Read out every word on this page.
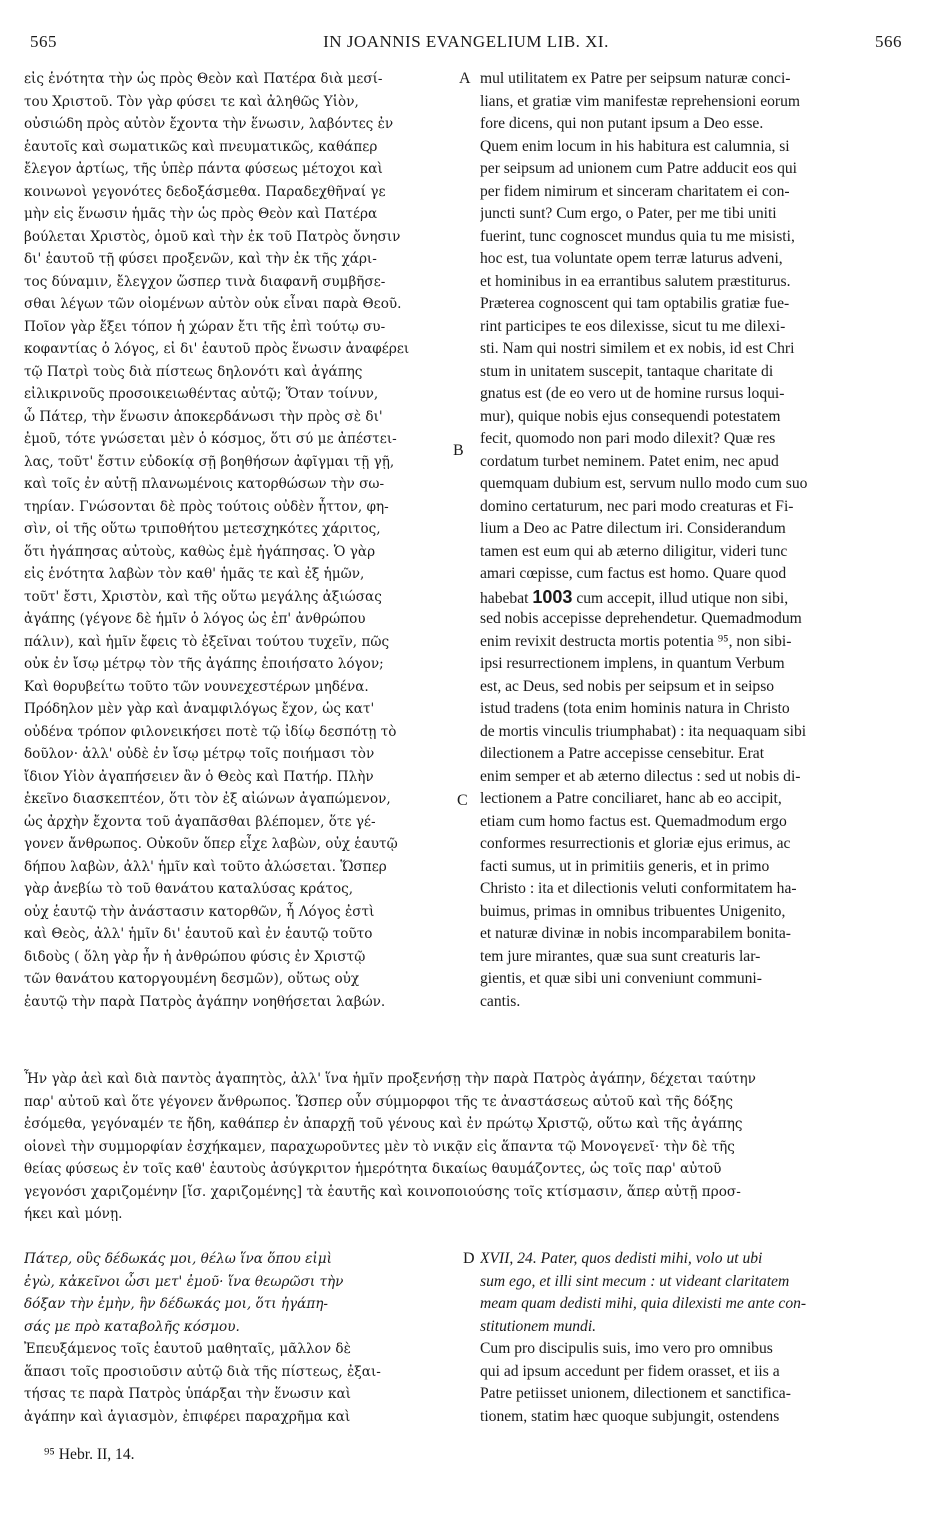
565	IN JOANNIS EVANGELIUM LIB. XI.	566
A
B
C
D
εἰς ἑνότητα τὴν ὡς πρὸς Θεὸν καὶ Πατέρα διὰ μεσί-
του Χριστοῦ. Τὸν γὰρ φύσει τε καὶ ἀληθῶς Υἱὸν,
οὐσιώδη πρὸς αὐτὸν ἔχοντα τὴν ἕνωσιν, λαβόντες ἐν
ἑαυτοῖς καὶ σωματικῶς καὶ πνευματικῶς, καθάπερ
ἔλεγον ἀρτίως, τῆς ὑπὲρ πάντα φύσεως μέτοχοι καὶ
κοινωνοὶ γεγονότες δεδοξάσμεθα. Παραδεχθῆναί γε
μὴν εἰς ἕνωσιν ἡμᾶς τὴν ὡς πρὸς Θεὸν καὶ Πατέρα
βούλεται Χριστὸς, ὁμοῦ καὶ τὴν ἐκ τοῦ Πατρὸς ὄνησιν
δι' ἑαυτοῦ τῇ φύσει προξενῶν, καὶ τὴν ἐκ τῆς χάρι-
τος δύναμιν, ἔλεγχον ὥσπερ τινὰ διαφανῆ συμβῆσε-
σθαι λέγων τῶν οἰομένων αὐτὸν οὐκ εἶναι παρὰ Θεοῦ.
Ποῖον γὰρ ἔξει τόπον ἡ χώραν ἔτι τῆς ἐπὶ τούτῳ συ-
κοφαντίας ὁ λόγος, εἰ δι' ἑαυτοῦ πρὸς ἕνωσιν ἀναφέρει
τῷ Πατρὶ τοὺς διὰ πίστεως δηλονότι καὶ ἀγάπης
εἰλικρινοῦς προσοικειωθέντας αὐτῷ; Ὅταν τοίνυν,
ὦ Πάτερ, τὴν ἕνωσιν ἀποκερδάνωσι τὴν πρὸς σὲ δι'
ἐμοῦ, τότε γνώσεται μὲν ὁ κόσμος, ὅτι σύ με ἀπέστει-
λας, τοῦτ' ἔστιν εὐδοκίᾳ σῇ βοηθήσων ἀφῖγμαι τῇ γῇ,
καὶ τοῖς ἐν αὐτῇ πλανωμένοις κατορθώσων τὴν σω-
τηρίαν. Γνώσονται δὲ πρὸς τούτοις οὐδὲν ἧττον, φη-
σὶν, οἱ τῆς οὕτω τριποθήτου μετεσχηκότες χάριτος,
ὅτι ἠγάπησας αὐτοὺς, καθὼς ἐμὲ ἠγάπησας. Ὁ γὰρ
εἰς ἑνότητα λαβὼν τὸν καθ' ἡμᾶς τε καὶ ἐξ ἡμῶν,
τοῦτ' ἔστι, Χριστὸν, καὶ τῆς οὕτω μεγάλης ἀξιώσας
ἀγάπης (γέγονε δὲ ἡμῖν ὁ λόγος ὡς ἐπ' ἀνθρώπου
πάλιν), καὶ ἡμῖν ἔφεις τὸ ἐξεῖναι τούτου τυχεῖν, πῶς
οὐκ ἐν ἴσῳ μέτρῳ τὸν τῆς ἀγάπης ἐποιήσατο λόγον;
Καὶ θορυβείτω τοῦτο τῶν νουνεχεστέρων μηδένα.
Πρόδηλον μὲν γὰρ καὶ ἀναμφιλόγως ἔχον, ὡς κατ'
οὐδένα τρόπον φιλονεικήσει ποτὲ τῷ ἰδίῳ δεσπότῃ τὸ
δοῦλον· ἀλλ' οὐδὲ ἐν ἴσῳ μέτρῳ τοῖς ποιήμασι τὸν
ἴδιον Υἱὸν ἀγαπήσειεν ἂν ὁ Θεὸς καὶ Πατήρ. Πλὴν
ἐκεῖνο διασκεπτέον, ὅτι τὸν ἐξ αἰώνων ἀγαπώμενον,
ὡς ἀρχὴν ἔχοντα τοῦ ἀγαπᾶσθαι βλέπομεν, ὅτε γέ-
γονεν ἄνθρωπος. Οὐκοῦν ὅπερ εἶχε λαβὼν, οὐχ ἑαυτῷ
δήπου λαβὼν, ἀλλ' ἡμῖν καὶ τοῦτο ἀλώσεται. Ὥσπερ
γὰρ ἀνεβίω τὸ τοῦ θανάτου καταλύσας κράτος,
οὐχ ἑαυτῷ τὴν ἀνάστασιν κατορθῶν, ἦ Λόγος ἐστὶ
καὶ Θεὸς, ἀλλ' ἡμῖν δι' ἑαυτοῦ καὶ ἐν ἑαυτῷ τοῦτο
διδοὺς ( ὅλη γὰρ ἦν ἡ ἀνθρώπου φύσις ἐν Χριστῷ
τῶν θανάτου κατοργουμένη δεσμῶν), οὕτως οὐχ
ἑαυτῷ τὴν παρὰ Πατρὸς ἀγάπην νοηθήσεται λαβών.
mul utilitatem ex Patre per seipsum naturæ conci-
lians, et gratiæ vim manifestæ reprehensioni eorum
fore dicens, qui non putant ipsum a Deo esse.
Quem enim locum in his habitura est calumnia, si
per seipsum ad unionem cum Patre adducit eos qui
per fidem nimirum et sinceram charitatem ei con-
juncti sunt? Cum ergo, o Pater, per me tibi uniti
fuerint, tunc cognoscet mundus quia tu me misisti,
hoc est, tua voluntate opem terræ laturus adveni,
et hominibus in ea errantibus salutem præstiturus.
Præterea cognoscent qui tam optabilis gratiæ fue-
rint participes te eos dilexisse, sicut tu me dilexi-
sti. Nam qui nostri similem et ex nobis, id est Chri
stum in unitatem suscepit, tantaque charitate di
gnatus est (de eo vero ut de homine rursus loqui-
mur), quique nobis ejus consequendi potestatem
fecit, quomodo non pari modo dilexit? Quæ res
cordatum turbet neminem. Patet enim, nec apud
quemquam dubium est, servum nullo modo cum suo
domino certaturum, nec pari modo creaturas et Fi-
lium a Deo ac Patre dilectum iri. Considerandum
tamen est eum qui ab æterno diligitur, videri tunc
amari cœpisse, cum factus est homo. Quare quod
habebat 1003 cum accepit, illud utique non sibi,
sed nobis accepisse deprehendetur. Quemadmodum
enim revixit destructa mortis potentia ⁹⁵, non sibi-
ipsi resurrectionem implens, in quantum Verbum
est, ac Deus, sed nobis per seipsum et in seipso
istud tradens (tota enim hominis natura in Christo
de mortis vinculis triumphabat) : ita nequaquam sibi
dilectionem a Patre accepisse censebitur. Erat
enim semper et ab æterno dilectus : sed ut nobis di-
lectionem a Patre conciliaret, hanc ab eo accipit,
etiam cum homo factus est. Quemadmodum ergo
conformes resurrectionis et gloriæ ejus erimus, ac
facti sumus, ut in primitiis generis, et in primo
Christo : ita et dilectionis veluti conformitatem ha-
buimus, primas in omnibus tribuentes Unigenito,
et naturæ divinæ in nobis incomparabilem bonita-
tem jure mirantes, quæ sua sunt creaturis lar-
gientis, et quæ sibi uni conveniunt communi-
cantis.
Ἦν γὰρ ἀεὶ καὶ διὰ παντὸς ἀγαπητὸς, ἀλλ' ἵνα ἡμῖν προξενήσῃ τὴν παρὰ Πατρὸς ἀγάπην, δέχεται ταύτην
παρ' αὐτοῦ καὶ ὅτε γέγονεν ἄνθρωπος. Ὥσπερ οὖν σύμμορφοι τῆς τε ἀναστάσεως αὐτοῦ καὶ τῆς δόξης
ἐσόμεθα, γεγόναμέν τε ἤδη, καθάπερ ἐν ἀπαρχῇ τοῦ γένους καὶ ἐν πρώτῳ Χριστῷ, οὕτω καὶ τῆς ἀγάπης
οἱονεὶ τὴν συμμορφίαν ἐσχήκαμεν, παραχωροῦντες μὲν τὸ νικᾷν εἰς ἅπαντα τῷ Μονογενεῖ· τὴν δὲ τῆς
θείας φύσεως ἐν τοῖς καθ' ἑαυτοὺς ἀσύγκριτον ἡμερότητα δικαίως θαυμάζοντες, ὡς τοῖς παρ' αὐτοῦ
γεγονόσι χαριζομένην [ἴσ. χαριζομένης] τὰ ἑαυτῆς καὶ κοινοποιούσης τοῖς κτίσμασιν, ἅπερ αὐτῇ προσ-
ήκει καὶ μόνῃ.
Πάτερ, οὓς δέδωκάς μοι, θέλω ἵνα ὅπου εἰμὶ
ἐγὼ, κἀκεῖνοι ὦσι μετ' ἐμοῦ· ἵνα θεωρῶσι τὴν
δόξαν τὴν ἐμὴν, ἣν δέδωκάς μοι, ὅτι ἠγάπη-
σάς με πρὸ καταβολῆς κόσμου.
Ἐπευξάμενος τοῖς ἑαυτοῦ μαθηταῖς, μᾶλλον δὲ
ἅπασι τοῖς προσιοῦσιν αὐτῷ διὰ τῆς πίστεως, ἐξαι-
τήσας τε παρὰ Πατρὸς ὑπάρξαι τὴν ἕνωσιν καὶ
ἀγάπην καὶ ἁγιασμὸν, ἐπιφέρει παραχρῆμα καὶ
XVII, 24. Pater, quos dedisti mihi, volo ut ubi
sum ego, et illi sint mecum : ut videant claritatem
meam quam dedisti mihi, quia dilexisti me ante con-
stitutionem mundi.
Cum pro discipulis suis, imo vero pro omnibus
qui ad ipsum accedunt per fidem orasset, et iis a
Patre petiisset unionem, dilectionem et sanctifica-
tionem, statim hæc quoque subjungit, ostendens
⁹⁵ Hebr. II, 14.
